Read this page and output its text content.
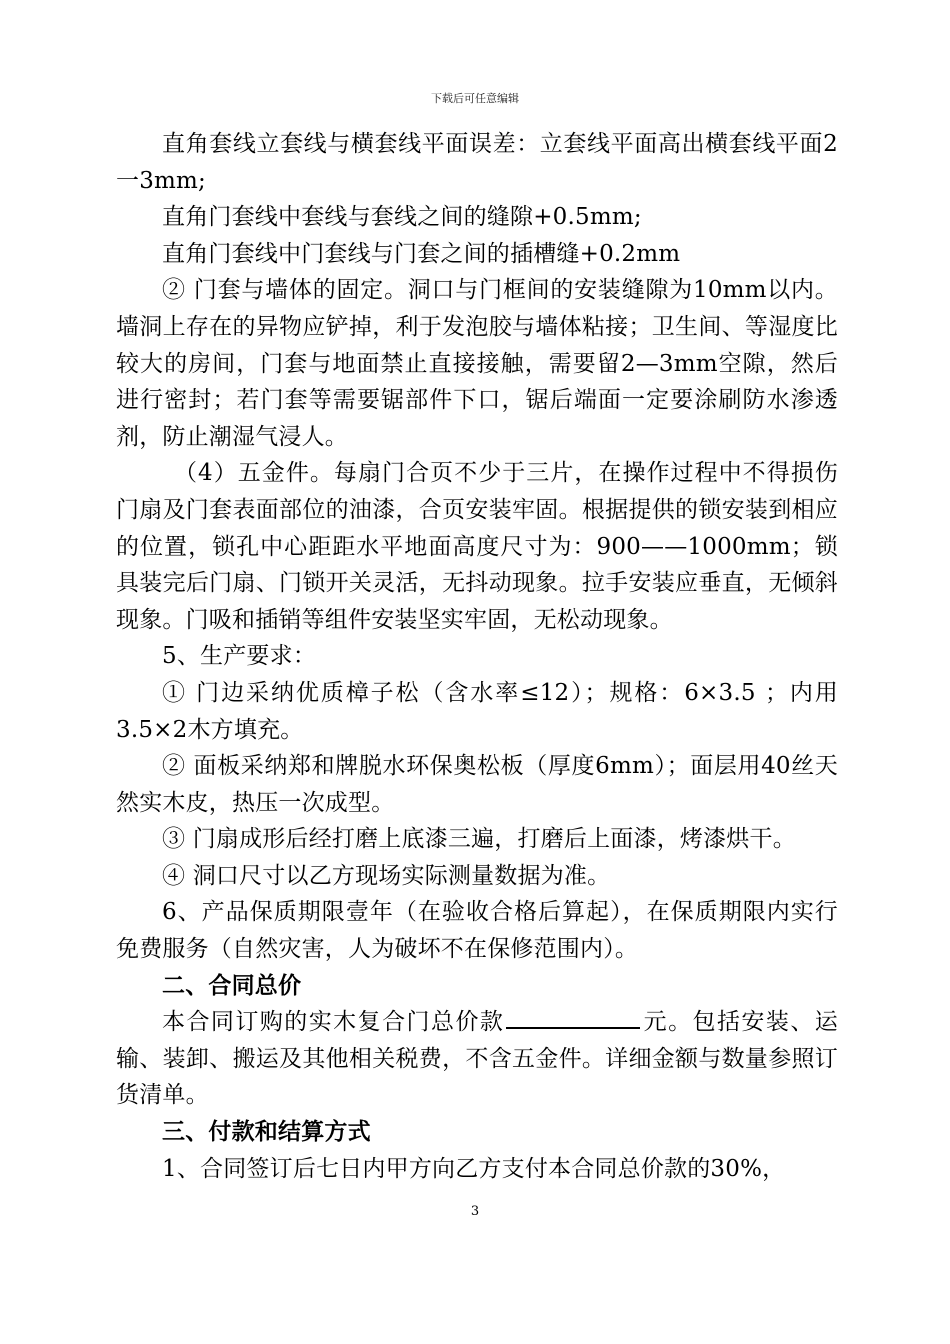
下载后可任意编辑

直角套线立套线与横套线平面误差：立套线平面高出横套线平面2 一3mm;

直角门套线中套线与套线之间的缝隙+0.5mm;

直角门套线中门套线与门套之间的插槽缝+0.2mm

② 门套与墙体的固定。洞口与门框间的安装缝隙为10mm以内。墙洞上存在的异物应铲掉，利于发泡胶与墙体粘接；卫生间、等湿度比较大的房间，门套与地面禁止直接接触，需要留2—3mm空隙，然后进行密封；若门套等需要锯部件下口，锯后端面一定要涂刷防水渗透剂，防止潮湿气浸人。

（4）五金件。每扇门合页不少于三片，在操作过程中不得损伤门扇及门套表面部位的油漆，合页安装牢固。根据提供的锁安装到相应的位置，锁孔中心距距水平地面高度尺寸为：900——1000mm；锁具装完后门扇、门锁开关灵活，无抖动现象。拉手安装应垂直，无倾斜现象。门吸和插销等组件安装坚实牢固，无松动现象。

5、生产要求：

① 门边采纳优质樟子松（含水率≤12）；规格：6×3.5 ；内用3.5×2木方填充。

② 面板采纳郑和牌脱水环保奥松板（厚度6mm）；面层用40丝天然实木皮，热压一次成型。

③ 门扇成形后经打磨上底漆三遍，打磨后上面漆，烤漆烘干。

④ 洞口尺寸以乙方现场实际测量数据为准。

6、产品保质期限壹年（在验收合格后算起），在保质期限内实行免费服务（自然灾害，人为破坏不在保修范围内）。

二、合同总价

本合同订购的实木复合门总价款	元。包括安装、运输、装卸、搬运及其他相关税费，不含五金件。详细金额与数量参照订货清单。

三、付款和结算方式

1、合同签订后七日内甲方向乙方支付本合同总价款的30%，

3
